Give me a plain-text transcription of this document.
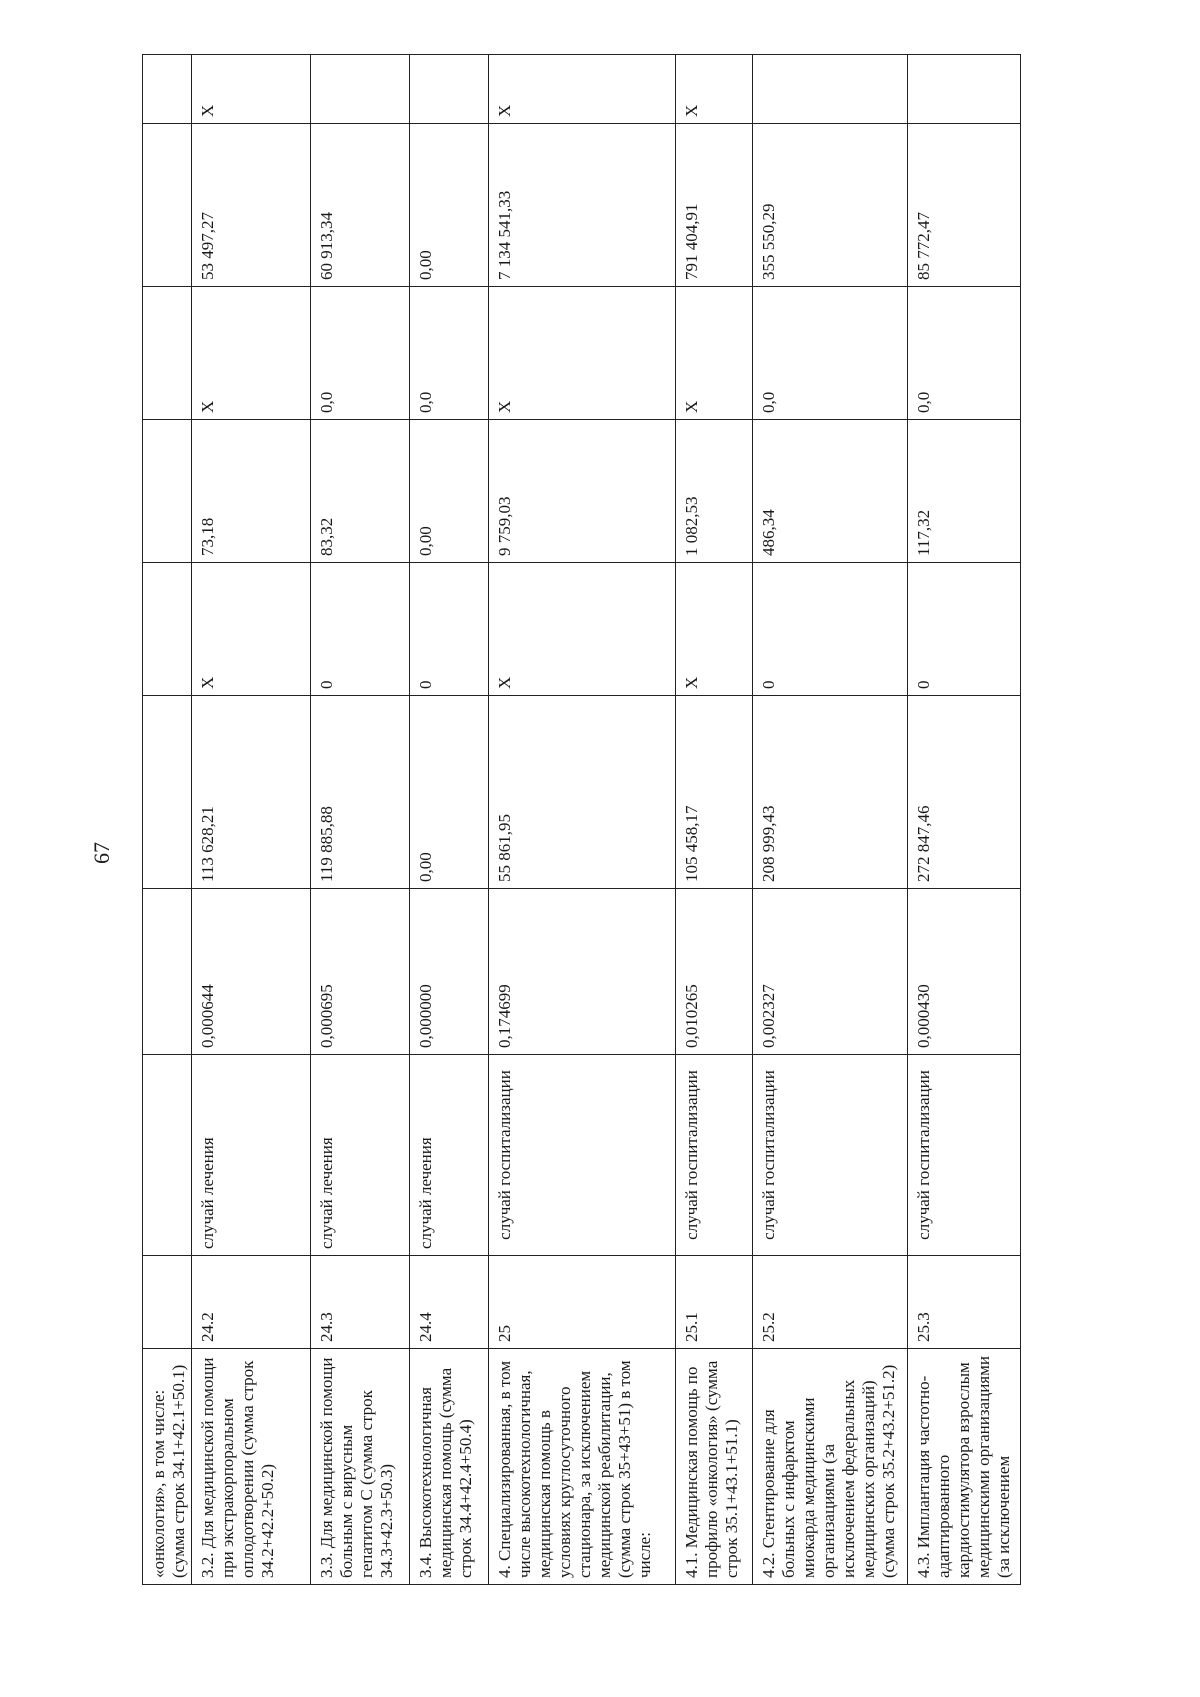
67
«онкология», в том числе: (сумма строк 34.1+42.1+50.1)									
3.2. Для медицинской помощи при экстракорпоральном оплодотворении (сумма строк 34.2+42.2+50.2)	24.2	случай лечения	0,000644	113 628,21	X	73,18	X	53 497,27	X
3.3. Для медицинской помощи больным с вирусным гепатитом С (сумма строк 34.3+42.3+50.3)	24.3	случай лечения	0,000695	119 885,88	0	83,32	0,0	60 913,34	
3.4. Высокотехнологичная медицинская помощь (сумма строк 34.4+42.4+50.4)	24.4	случай лечения	0,000000	0,00	0	0,00	0,0	0,00	
4. Специализированная, в том числе высокотехнологичная, медицинская помощь в условиях круглосуточного стационара, за исключением медицинской реабилитации, (сумма строк 35+43+51) в том числе:	25	случай госпитализации	0,174699	55 861,95	X	9 759,03	X	7 134 541,33	X
4.1. Медицинская помощь по профилю «онкология» (сумма строк 35.1+43.1+51.1)	25.1	случай госпитализации	0,010265	105 458,17	X	1 082,53	X	791 404,91	X
4.2. Стентирование для больных с инфарктом миокарда медицинскими организациями (за исключением федеральных медицинских организаций) (сумма строк 35.2+43.2+51.2)	25.2	случай госпитализации	0,002327	208 999,43	0	486,34	0,0	355 550,29	
4.3. Имплантация частотно-адаптированного кардиостимулятора взрослым медицинскими организациями (за исключением	25.3	случай госпитализации	0,000430	272 847,46	0	117,32	0,0	85 772,47	
